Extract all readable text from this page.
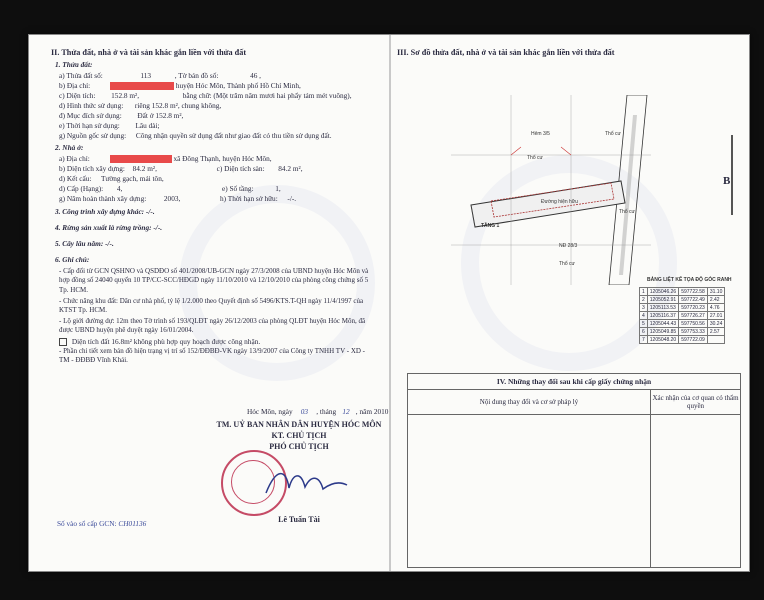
II. Thửa đất, nhà ở và tài sản khác gắn liền với thửa đất
1. Thửa đất:
a) Thửa đất số:	113	, Tờ bản đồ số:	46 ,
b) Địa chỉ:	huyện Hóc Môn, Thành phố Hồ Chí Minh,
c) Diện tích: 152.8 m²,	bằng chữ: (Một trăm năm mươi hai phẩy tám mét vuông),
d) Hình thức sử dụng: riêng 152.8 m², chung không,
đ) Mục đích sử dụng: Đất ở 152.8 m²,
e) Thời hạn sử dụng: Lâu dài;
g) Nguồn gốc sử dụng: Công nhận quyền sử dụng đất như giao đất có thu tiền sử dụng đất.
2. Nhà ở:
a) Địa chỉ:	xã Đông Thạnh, huyện Hóc Môn,
b) Diện tích xây dựng: 84.2 m²,	c) Diện tích sàn: 84.2 m²,
d) Kết cấu: Tường gạch, mái tôn,
d) Cấp (Hạng): 4,	e) Số tầng:	1,
g) Năm hoàn thành xây dựng: 2003,	h) Thời hạn sở hữu: -/-.
3. Công trình xây dựng khác: -/-.
4. Rừng sản xuất là rừng trồng: -/-.
5. Cây lâu năm: -/-.
6. Ghi chú:
- Cấp đổi từ GCN QSHNO và QSDĐO số 401/2008/UB-GCN ngày 27/3/2008 của UBND huyện Hóc Môn và hợp đồng số 24040 quyển 10 TP/CC-SCC/HĐGD ngày 11/10/2010 và 12/10/2010 của phòng công chứng số 5 Tp. HCM.
- Chức năng khu đất: Dân cư nhà phố, tỷ lệ 1/2.000 theo Quyết định số 5496/KTS.T-QH ngày 11/4/1997 của KTST Tp. HCM.
- Lộ giới đường dự: 12m theo Tờ trình số 193/QLĐT ngày 26/12/2003 của phòng QLĐT huyện Hóc Môn, đã được UBND huyện phê duyệt ngày 16/01/2004.
Diện tích đất 16.8m² không phù hợp quy hoạch được công nhận.
- Phần chi tiết xem bản đồ hiện trạng vị trí số 152/ĐĐBĐ-VK ngày 13/9/2007 của Công ty TNHH TV - XD - TM - ĐĐBĐ Vĩnh Khải.
Hóc Môn, ngày 03 , tháng 12 , năm 2010
TM. UỶ BAN NHÂN DÂN HUYỆN HÓC MÔN
KT. CHỦ TỊCH
PHÓ CHỦ TỊCH
Lê Tuấn Tài
Số vào sổ cấp GCN: CH01136
III. Sơ đồ thửa đất, nhà ở và tài sản khác gắn liền với thửa đất
Thổ cư
Thổ cư
Thổ cư
Hẻm 3/5
NĐ 28/3
TẦNG 1
Đường hiện hữu
Thổ cư
B
BẢNG LIỆT KÊ TỌA ĐỘ GÓC RANH
1	1205046.26	597722.58	31.10
2	1205052.91	597722.49	2.42
3	1205113.53	597720.23	4.76
4	1205116.37	597726.27	27.01
5	1205044.43	597750.56	30.24
6	1205049.85	597753.33	2.57
7	1205048.20	597722.09	
IV. Những thay đổi sau khi cấp giấy chứng nhận	
Nội dung thay đổi và cơ sở pháp lý	Xác nhận của cơ quan có thẩm quyền
